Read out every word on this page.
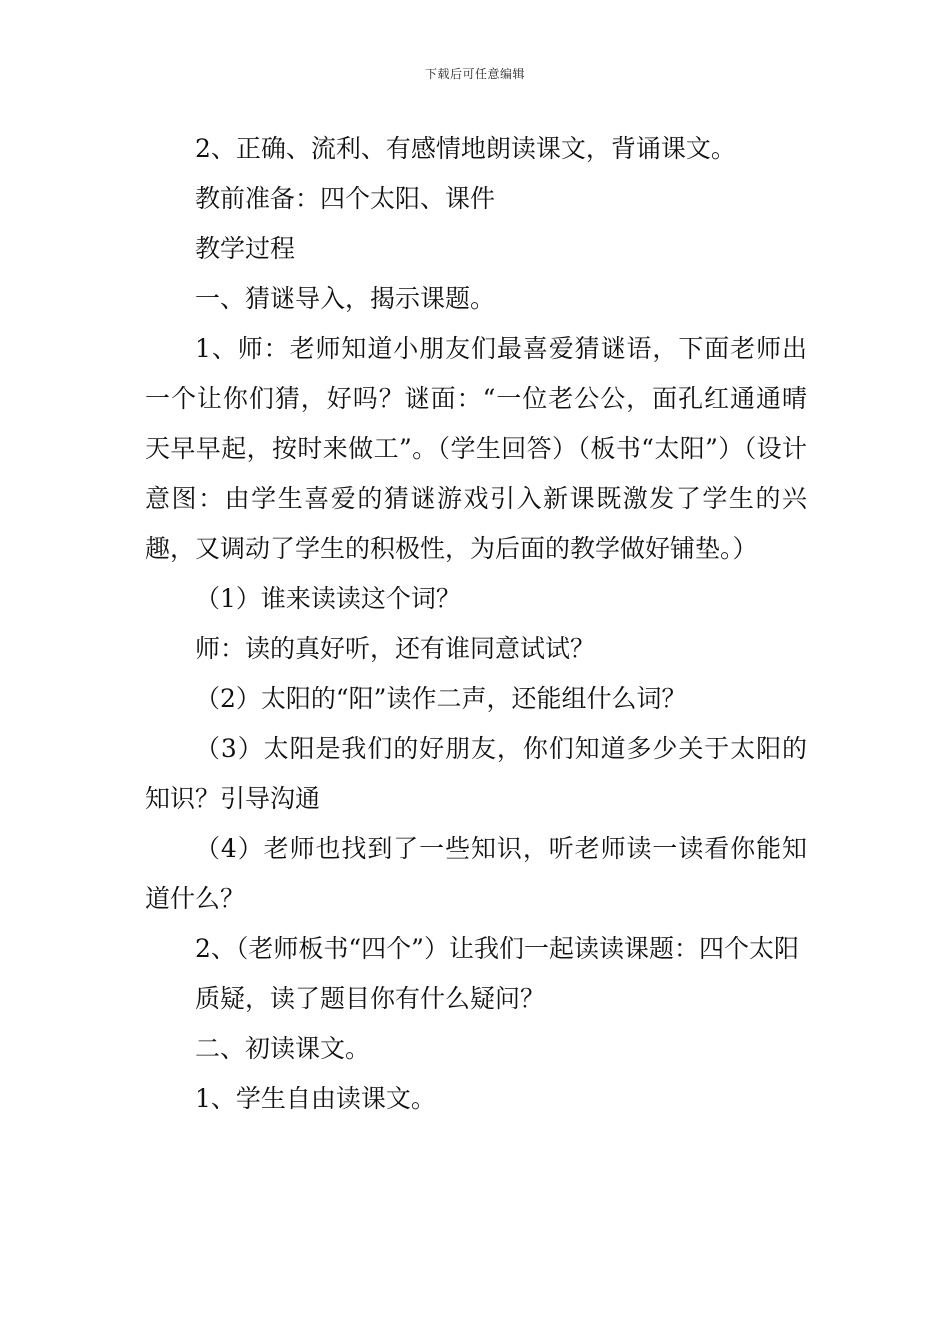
下载后可任意编辑

2、正确、流利、有感情地朗读课文，背诵课文。

教前准备：四个太阳、课件

教学过程

一、猜谜导入，揭示课题。

1、师：老师知道小朋友们最喜爱猜谜语，下面老师出一个让你们猜，好吗？谜面：“一位老公公，面孔红通通晴天早早起，按时来做工”。（学生回答）（板书“太阳”）（设计意图：由学生喜爱的猜谜游戏引入新课既激发了学生的兴趣，又调动了学生的积极性，为后面的教学做好铺垫。）

（1）谁来读读这个词？

师：读的真好听，还有谁同意试试？

（2）太阳的“阳”读作二声，还能组什么词？

（3）太阳是我们的好朋友，你们知道多少关于太阳的知识？引导沟通

（4）老师也找到了一些知识，听老师读一读看你能知道什么？

2、（老师板书“四个”）让我们一起读读课题：四个太阳

质疑，读了题目你有什么疑问？

二、初读课文。

1、学生自由读课文。
